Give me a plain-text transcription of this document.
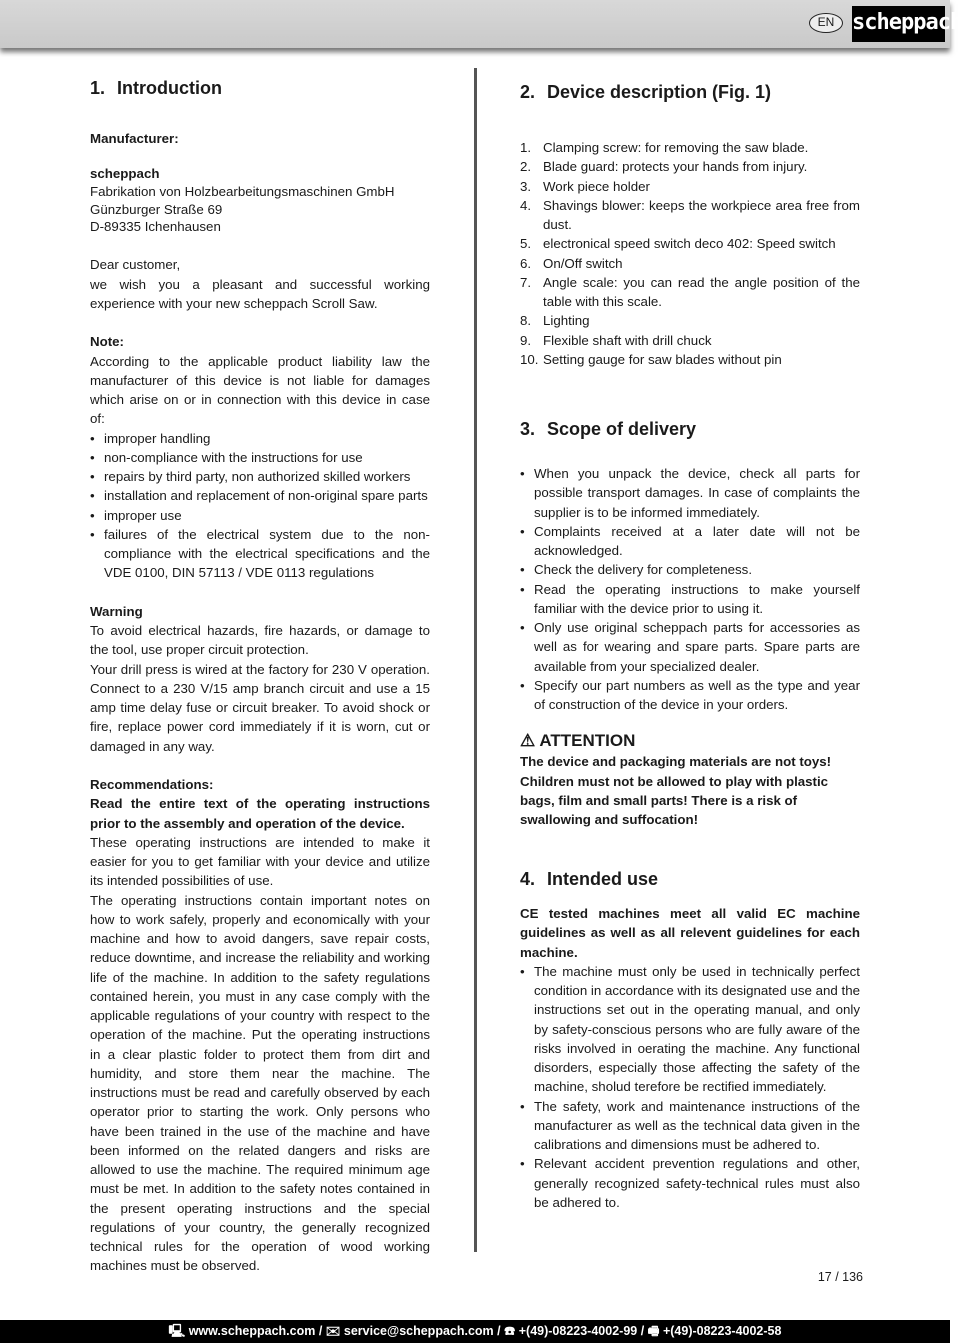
EN scheppach
1. Introduction

Manufacturer:

scheppach

Fabrikation von Holzbearbeitungsmaschinen GmbH

Günzburger Straße 69

D-89335 Ichenhausen

Dear customer,

we wish you a pleasant and successful working experience with your new scheppach Scroll Saw.

Note:

According to the applicable product liability law the manufacturer of this device is not liable for damages which arise on or in connection with this device in case of:

• improper handling
• non-compliance with the instructions for use
• repairs by third party, non authorized skilled workers
• installation and replacement of non-original spare parts
• improper use
• failures of the electrical system due to the non-compliance with the electrical specifications and the VDE 0100, DIN 57113 / VDE 0113 regulations

Warning

To avoid electrical hazards, fire hazards, or damage to the tool, use proper circuit protection.

Your drill press is wired at the factory for 230 V operation. Connect to a 230 V/15 amp branch circuit and use a 15 amp time delay fuse or circuit breaker. To avoid shock or fire, replace power cord immediately if it is worn, cut or damaged in any way.

Recommendations:

Read the entire text of the operating instructions prior to the assembly and operation of the device.

These operating instructions are intended to make it easier for you to get familiar with your device and utilize its intended possibilities of use.

The operating instructions contain important notes on how to work safely, properly and economically with your machine and how to avoid dangers, save repair costs, reduce downtime, and increase the reliability and working life of the machine. In addition to the safety regulations contained herein, you must in any case comply with the applicable regulations of your country with respect to the operation of the machine. Put the operating instructions in a clear plastic folder to protect them from dirt and humidity, and store them near the machine. The instructions must be read and carefully observed by each operator prior to starting the work. Only persons who have been trained in the use of the machine and have been informed on the related dangers and risks are allowed to use the machine. The required minimum age must be met. In addition to the safety notes contained in the present operating instructions and the special regulations of your country, the generally recognized technical rules for the operation of wood working machines must be observed.

2. Device description (Fig. 1)
1. Clamping screw: for removing the saw blade.
2. Blade guard: protects your hands from injury.
3. Work piece holder
4. Shavings blower: keeps the workpiece area free from dust.
5. electronical speed switch deco 402: Speed switch
6. On/Off switch
7. Angle scale: you can read the angle position of the table with this scale.
8. Lighting
9. Flexible shaft with drill chuck
10. Setting gauge for saw blades without pin
3. Scope of delivery
• When you unpack the device, check all parts for possible transport damages. In case of complaints the supplier is to be informed immediately.
• Complaints received at a later date will not be acknowledged.
• Check the delivery for completeness.
• Read the operating instructions to make yourself familiar with the device prior to using it.
• Only use original scheppach parts for accessories as well as for wearing and spare parts. Spare parts are available from your specialized dealer.
• Specify our part numbers as well as the type and year of construction of the device in your orders.

⚠ ATTENTION

The device and packaging materials are not toys! Children must not be allowed to play with plastic bags, film and small parts! There is a risk of swallowing and suffocation!

4. Intended use

CE tested machines meet all valid EC machine guidelines as well as all relevent guidelines for each machine.

• The machine must only be used in technically perfect condition in accordance with its designated use and the instructions set out in the operating manual, and only by safety-conscious persons who are fully aware of the risks involved in oerating the machine. Any functional disorders, especially those affecting the safety of the machine, sholud terefore be rectified immediately.
• The safety, work and maintenance instructions of the manufacturer as well as the technical data given in the calibrations and dimensions must be adhered to.
• Relevant accident prevention regulations and other, generally recognized safety-technical rules must also be adhered to.
17 / 136
🖳 www.scheppach.com / ✉ service@scheppach.com / ☎ +(49)-08223-4002-99 / 🖷 +(49)-08223-4002-58
